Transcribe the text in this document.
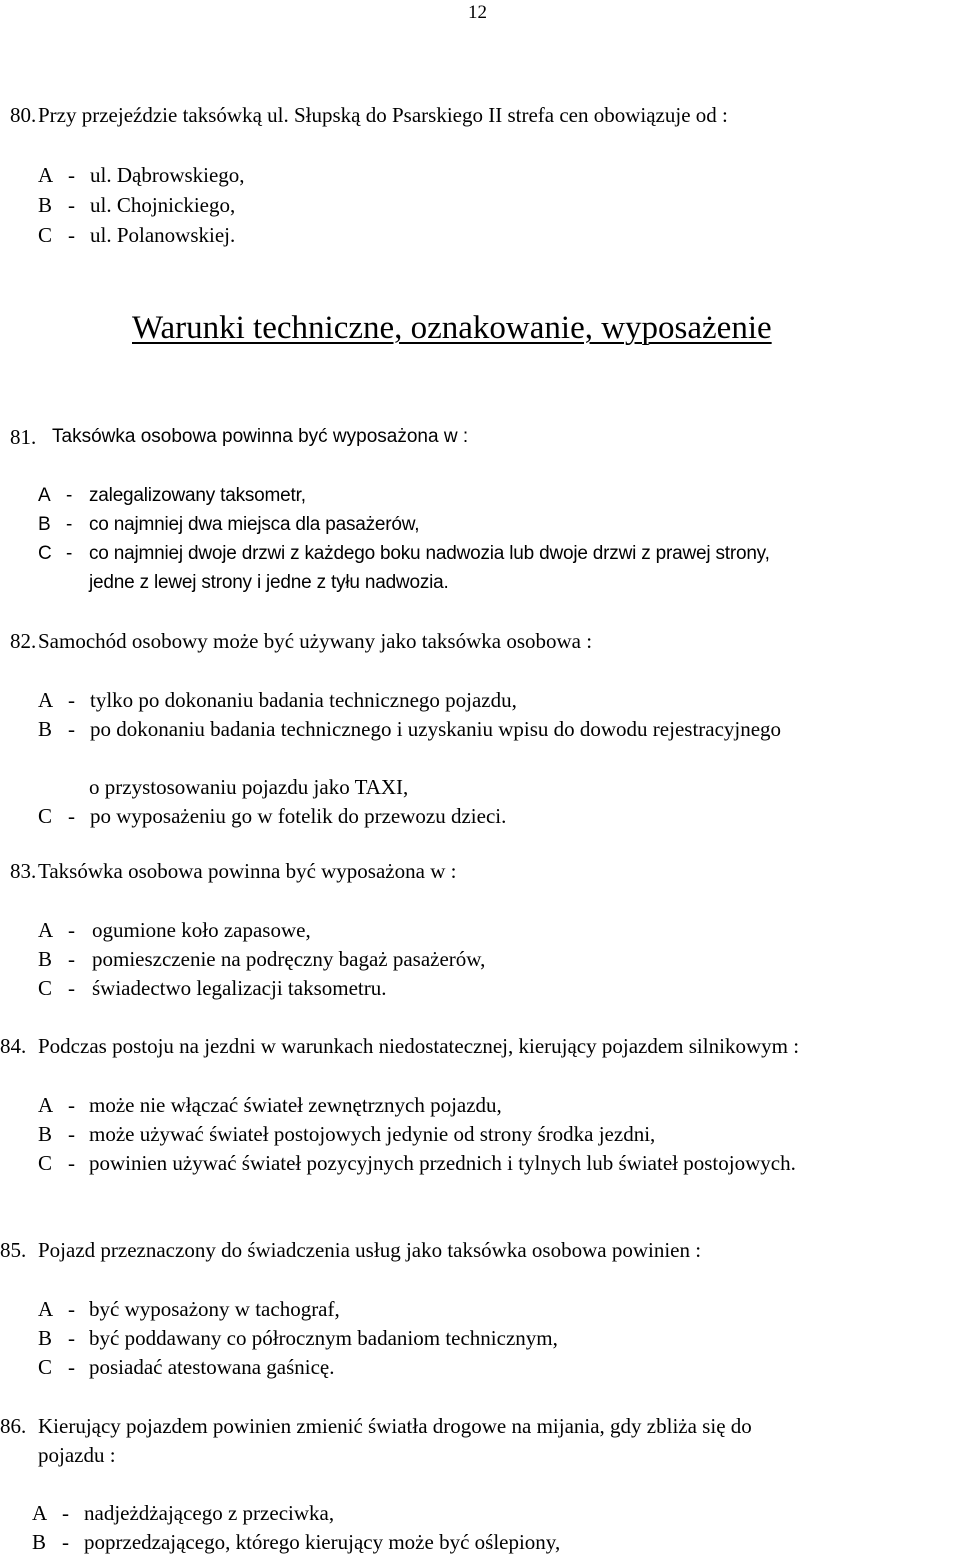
12
80. Przy przejeździe taksówką ul. Słupską do Psarskiego II strefa cen obowiązuje od :
A - ul. Dąbrowskiego,
B - ul. Chojnickiego,
C - ul. Polanowskiej.
Warunki techniczne, oznakowanie, wyposażenie
81. Taksówka osobowa powinna być wyposażona w :
A - zalegalizowany taksometr,
B - co najmniej dwa miejsca dla pasażerów,
C - co najmniej dwoje drzwi z każdego boku nadwozia lub dwoje drzwi z prawej strony,
jedne z lewej strony i jedne z tyłu nadwozia.
82. Samochód osobowy może być używany jako taksówka osobowa :
A - tylko po dokonaniu badania technicznego pojazdu,
B - po dokonaniu badania technicznego i uzyskaniu wpisu do dowodu rejestracyjnego
o przystosowaniu pojazdu jako TAXI,
C - po wyposażeniu go w fotelik do przewozu dzieci.
83. Taksówka osobowa powinna być wyposażona w :
A - ogumione koło zapasowe,
B - pomieszczenie na podręczny bagaż pasażerów,
C - świadectwo legalizacji taksometru.
84. Podczas postoju na jezdni w warunkach niedostatecznej, kierujący pojazdem silnikowym :
A - może nie włączać świateł zewnętrznych pojazdu,
B - może używać świateł postojowych jedynie od strony środka jezdni,
C - powinien używać świateł pozycyjnych przednich i tylnych lub świateł postojowych.
85. Pojazd przeznaczony do świadczenia usług jako taksówka osobowa powinien :
A - być wyposażony w tachograf,
B - być poddawany co półrocznym badaniom technicznym,
C - posiadać atestowana gaśnicę.
86. Kierujący pojazdem powinien zmienić światła drogowe na mijania, gdy zbliża się do
pojazdu :
A - nadjeżdżającego z przeciwka,
B - poprzedzającego, którego kierujący może być oślepiony,
